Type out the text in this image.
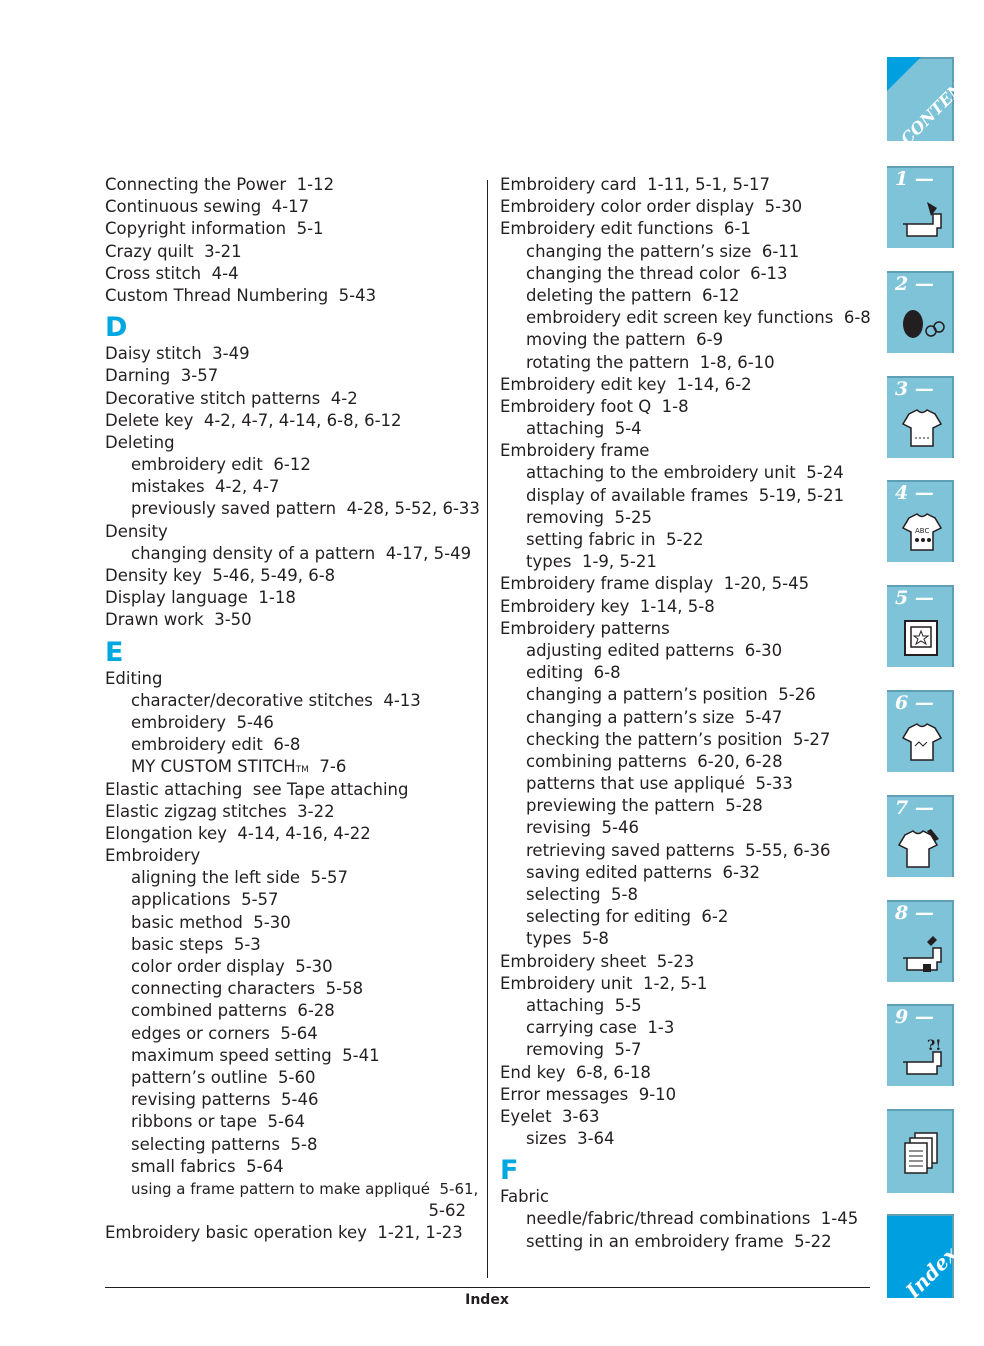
Connecting the Power  1-12
Continuous sewing  4-17
Copyright information  5-1
Crazy quilt  3-21
Cross stitch  4-4
Custom Thread Numbering  5-43
D
Daisy stitch  3-49
Darning  3-57
Decorative stitch patterns  4-2
Delete key  4-2, 4-7, 4-14, 6-8, 6-12
Deleting
embroidery edit  6-12
mistakes  4-2, 4-7
previously saved pattern  4-28, 5-52, 6-33
Density
changing density of a pattern  4-17, 5-49
Density key  5-46, 5-49, 6-8
Display language  1-18
Drawn work  3-50
E
Editing
character/decorative stitches  4-13
embroidery  5-46
embroidery edit  6-8
MY CUSTOM STITCHTM  7-6
Elastic attaching  see Tape attaching
Elastic zigzag stitches  3-22
Elongation key  4-14, 4-16, 4-22
Embroidery
aligning the left side  5-57
applications  5-57
basic method  5-30
basic steps  5-3
color order display  5-30
connecting characters  5-58
combined patterns  6-28
edges or corners  5-64
maximum speed setting  5-41
pattern’s outline  5-60
revising patterns  5-46
ribbons or tape  5-64
selecting patterns  5-8
small fabrics  5-64
using a frame pattern to make appliqué  5-61,
5-62
Embroidery basic operation key  1-21, 1-23
Embroidery card  1-11, 5-1, 5-17
Embroidery color order display  5-30
Embroidery edit functions  6-1
changing the pattern’s size  6-11
changing the thread color  6-13
deleting the pattern  6-12
embroidery edit screen key functions  6-8
moving the pattern  6-9
rotating the pattern  1-8, 6-10
Embroidery edit key  1-14, 6-2
Embroidery foot Q  1-8
attaching  5-4
Embroidery frame
attaching to the embroidery unit  5-24
display of available frames  5-19, 5-21
removing  5-25
setting fabric in  5-22
types  1-9, 5-21
Embroidery frame display  1-20, 5-45
Embroidery key  1-14, 5-8
Embroidery patterns
adjusting edited patterns  6-30
editing  6-8
changing a pattern’s position  5-26
changing a pattern’s size  5-47
checking the pattern’s position  5-27
combining patterns  6-20, 6-28
patterns that use appliqué  5-33
previewing the pattern  5-28
revising  5-46
retrieving saved patterns  5-55, 6-36
saving edited patterns  6-32
selecting  5-8
selecting for editing  6-2
types  5-8
Embroidery sheet  5-23
Embroidery unit  1-2, 5-1
attaching  5-5
carrying case  1-3
removing  5-7
End key  6-8, 6-18
Error messages  9-10
Eyelet  3-63
sizes  3-64
F
Fabric
needle/fabric/thread combinations  1-45
setting in an embroidery frame  5-22
Index
CONTENTS
1 —
2 —
3 —
4 —
ABC
5 —
6 —
7 —
8 —
9 —
?!
Index
